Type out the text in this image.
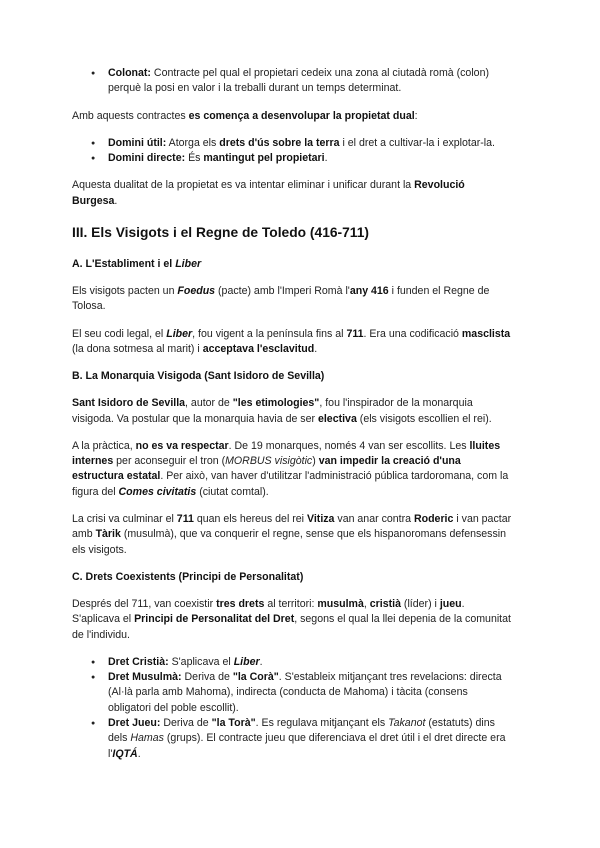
● Colonat: Contracte pel qual el propietari cedeix una zona al ciutadà romà (colon) perquè la posi en valor i la treballi durant un temps determinat.

Amb aquests contractes es comença a desenvolupar la propietat dual:

● Domini útil: Atorga els drets d'ús sobre la terra i el dret a cultivar-la i explotar-la.
● Domini directe: És mantingut pel propietari.

Aquesta dualitat de la propietat es va intentar eliminar i unificar durant la Revolució Burgesa.

III. Els Visigots i el Regne de Toledo (416-711)
A. L'Establiment i el Liber

Els visigots pacten un Foedus (pacte) amb l'Imperi Romà l'any 416 i funden el Regne de Tolosa.

El seu codi legal, el Liber, fou vigent a la península fins al 711. Era una codificació masclista (la dona sotmesa al marit) i acceptava l'esclavitud.

B. La Monarquia Visigoda (Sant Isidoro de Sevilla)

Sant Isidoro de Sevilla, autor de "les etimologies", fou l'inspirador de la monarquia visigoda. Va postular que la monarquia havia de ser electiva (els visigots escollien el rei).

A la pràctica, no es va respectar. De 19 monarques, només 4 van ser escollits. Les lluites internes per aconseguir el tron (MORBUS visigòtic) van impedir la creació d'una estructura estatal. Per això, van haver d'utilitzar l'administració pública tardoromana, com la figura del Comes civitatis (ciutat comtal).

La crisi va culminar el 711 quan els hereus del rei Vitiza van anar contra Roderic i van pactar amb Tàrik (musulmà), que va conquerir el regne, sense que els hispanoromans defensessin els visigots.

C. Drets Coexistents (Principi de Personalitat)

Després del 711, van coexistir tres drets al territori: musulmà, cristià (líder) i jueu. S'aplicava el Principi de Personalitat del Dret, segons el qual la llei depenia de la comunitat de l'individu.

● Dret Cristià: S'aplicava el Liber.
● Dret Musulmà: Deriva de "la Corà". S'estableix mitjançant tres revelacions: directa (Al·là parla amb Mahoma), indirecta (conducta de Mahoma) i tàcita (consens obligatori del poble escollit).
● Dret Jueu: Deriva de "la Torà". Es regulava mitjançant els Takanot (estatuts) dins dels Hamas (grups). El contracte jueu que diferenciava el dret útil i el dret directe era l'IQTÁ.
